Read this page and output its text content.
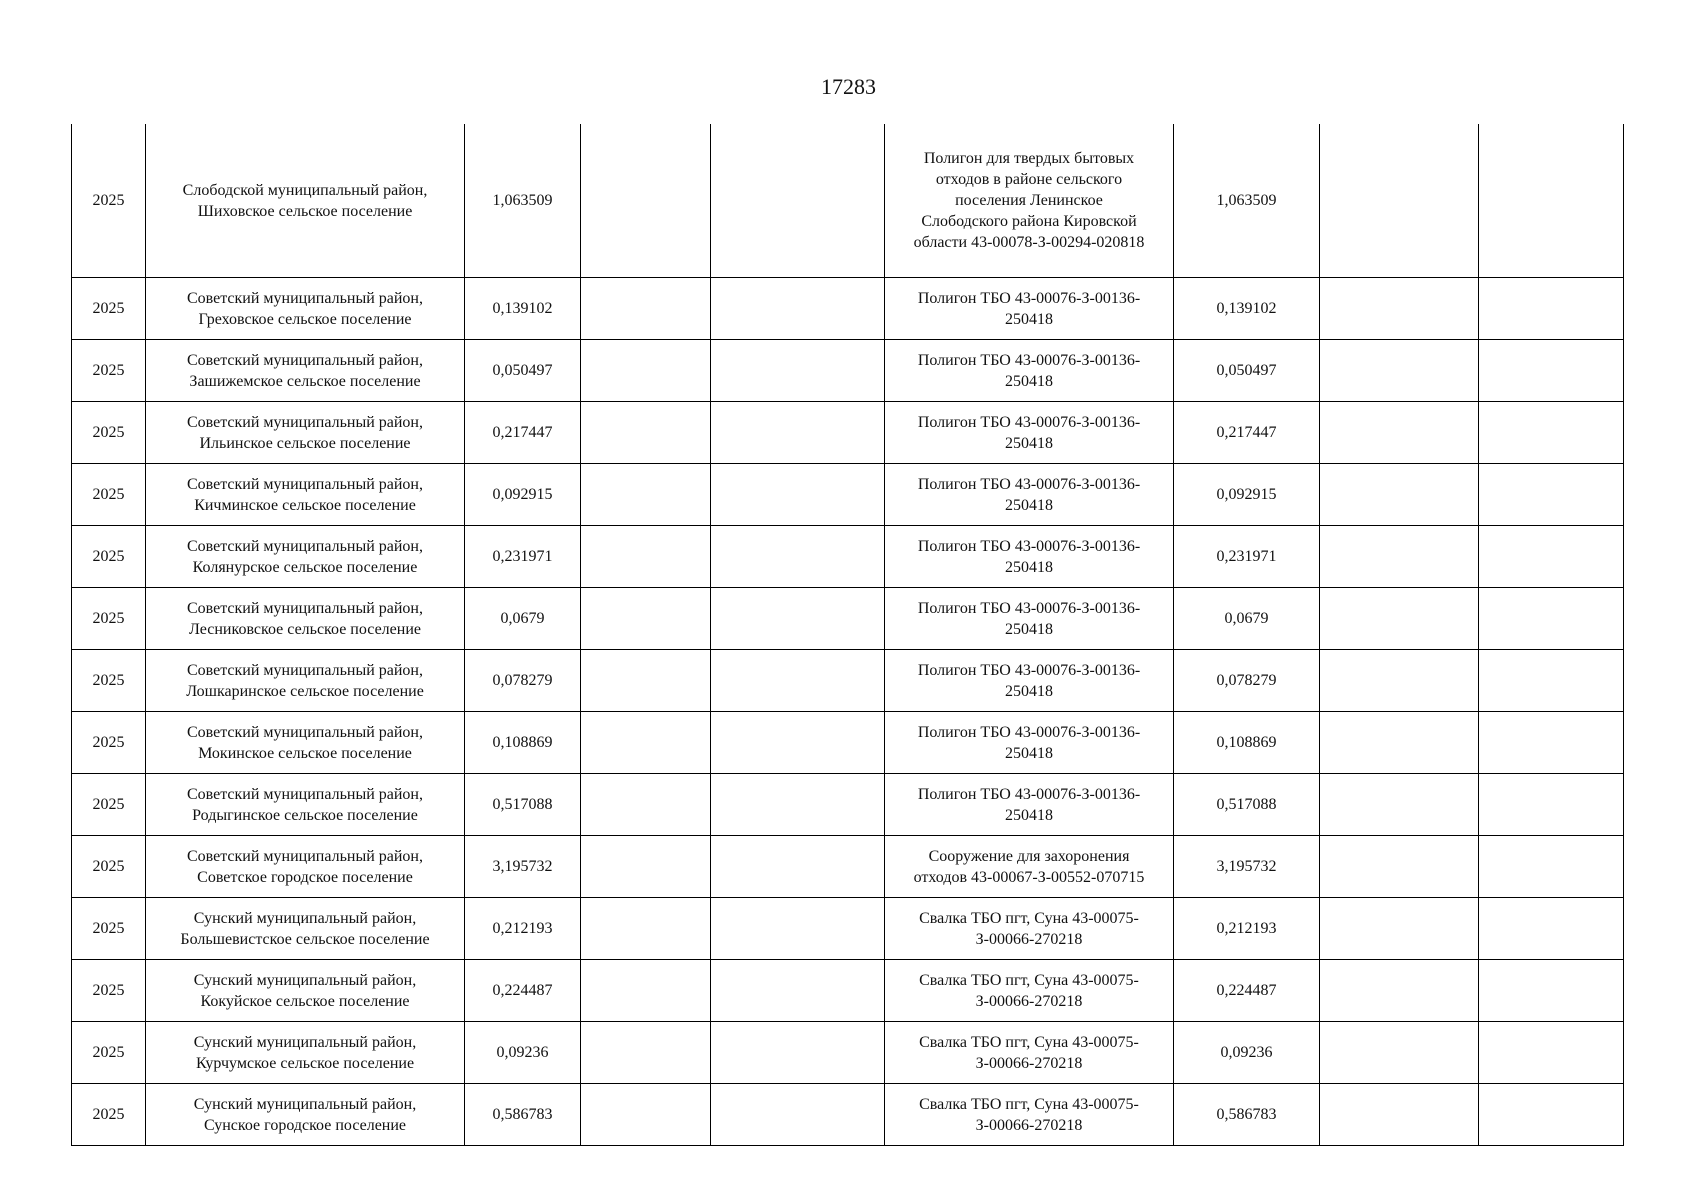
17283
2025	Слободской муниципальный район,
Шиховское сельское поселение	1,063509			Полигон для твердых бытовых
отходов в районе сельского
поселения Ленинское
Слободского района Кировской
области 43-00078-З-00294-020818	1,063509		
2025	Советский муниципальный район,
Греховское сельское поселение	0,139102			Полигон ТБО 43-00076-З-00136-
250418	0,139102		
2025	Советский муниципальный район,
Зашижемское сельское поселение	0,050497			Полигон ТБО 43-00076-З-00136-
250418	0,050497		
2025	Советский муниципальный район,
Ильинское сельское поселение	0,217447			Полигон ТБО 43-00076-З-00136-
250418	0,217447		
2025	Советский муниципальный район,
Кичминское сельское поселение	0,092915			Полигон ТБО 43-00076-З-00136-
250418	0,092915		
2025	Советский муниципальный район,
Колянурское сельское поселение	0,231971			Полигон ТБО 43-00076-З-00136-
250418	0,231971		
2025	Советский муниципальный район,
Лесниковское сельское поселение	0,0679			Полигон ТБО 43-00076-З-00136-
250418	0,0679		
2025	Советский муниципальный район,
Лошкаринское сельское поселение	0,078279			Полигон ТБО 43-00076-З-00136-
250418	0,078279		
2025	Советский муниципальный район,
Мокинское сельское поселение	0,108869			Полигон ТБО 43-00076-З-00136-
250418	0,108869		
2025	Советский муниципальный район,
Родыгинское сельское поселение	0,517088			Полигон ТБО 43-00076-З-00136-
250418	0,517088		
2025	Советский муниципальный район,
Советское городское поселение	3,195732			Сооружение для захоронения
отходов 43-00067-З-00552-070715	3,195732		
2025	Сунский муниципальный район,
Большевистское сельское поселение	0,212193			Свалка ТБО пгт, Суна 43-00075-
З-00066-270218	0,212193		
2025	Сунский муниципальный район,
Кокуйское сельское поселение	0,224487			Свалка ТБО пгт, Суна 43-00075-
З-00066-270218	0,224487		
2025	Сунский муниципальный район,
Курчумское сельское поселение	0,09236			Свалка ТБО пгт, Суна 43-00075-
З-00066-270218	0,09236		
2025	Сунский муниципальный район,
Сунское городское поселение	0,586783			Свалка ТБО пгт, Суна 43-00075-
З-00066-270218	0,586783		
